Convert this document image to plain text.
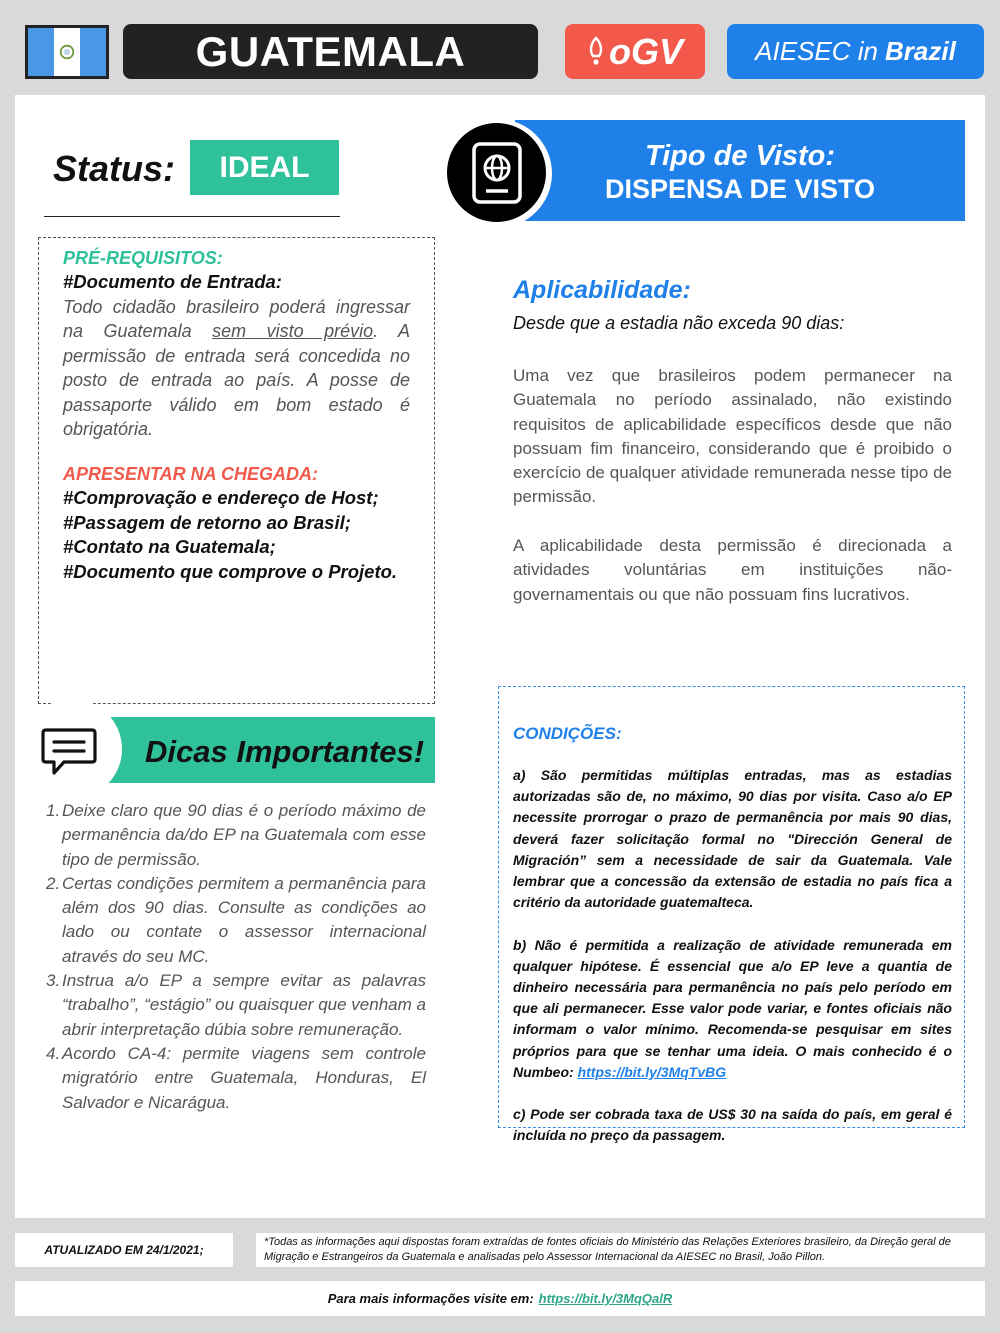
GUATEMALA	oGV	AIESEC in Brazil
Status:	IDEAL	Tipo de Visto:
DISPENSA DE VISTO
PRÉ-REQUISITOS:
#Documento de Entrada:
Todo cidadão brasileiro poderá ingressar na Guatemala sem visto prévio. A permissão de entrada será concedida no posto de entrada ao país. A posse de passaporte válido em bom estado é obrigatória.
APRESENTAR NA CHEGADA:
#Comprovação e endereço de Host;
#Passagem de retorno ao Brasil;
#Contato na Guatemala;
#Documento que comprove o Projeto.
Aplicabilidade:
Desde que a estadia não exceda 90 dias:
Uma vez que brasileiros podem permanecer na Guatemala no período assinalado, não existindo requisitos de aplicabilidade específicos desde que não possuam fim financeiro, considerando que é proibido o exercício de qualquer atividade remunerada nesse tipo de permissão.
A aplicabilidade desta permissão é direcionada a atividades voluntárias em instituições não-governamentais ou que não possuam fins lucrativos.
Dicas Importantes!
1. Deixe claro que 90 dias é o período máximo de permanência da/do EP na Guatemala com esse tipo de permissão.
2. Certas condições permitem a permanência para além dos 90 dias. Consulte as condições ao lado ou contate o assessor internacional através do seu MC.
3. Instrua a/o EP a sempre evitar as palavras “trabalho”, “estágio” ou quaisquer que venham a abrir interpretação dúbia sobre remuneração.
4. Acordo CA-4: permite viagens sem controle migratório entre Guatemala, Honduras, El Salvador e Nicarágua.
CONDIÇÕES:

a) São permitidas múltiplas entradas, mas as estadias autorizadas são de, no máximo, 90 dias por visita. Caso a/o EP necessite prorrogar o prazo de permanência por mais 90 dias, deverá fazer solicitação formal no "Dirección General de Migración” sem a necessidade de sair da Guatemala. Vale lembrar que a concessão da extensão de estadia no país fica a critério da autoridade guatemalteca.

b) Não é permitida a realização de atividade remunerada em qualquer hipótese. É essencial que a/o EP leve a quantia de dinheiro necessária para permanência no país pelo período em que ali permanecer. Esse valor pode variar, e fontes oficiais não informam o valor mínimo. Recomenda-se pesquisar em sites próprios para que se tenhar uma ideia. O mais conhecido é o Numbeo: https://bit.ly/3MqTvBG

c) Pode ser cobrada taxa de US$ 30 na saída do país, em geral é incluída no preço da passagem.

ATUALIZADO EM 24/1/2021;
*Todas as informações aqui dispostas foram extraídas de fontes oficiais do Ministério das Relações Exteriores brasileiro, da Direção geral de Migração e Estrangeiros da Guatemala e analisadas pelo Assessor Internacional da AIESEC no Brasil, João Pillon.
Para mais informações visite em: https://bit.ly/3MqQalR
